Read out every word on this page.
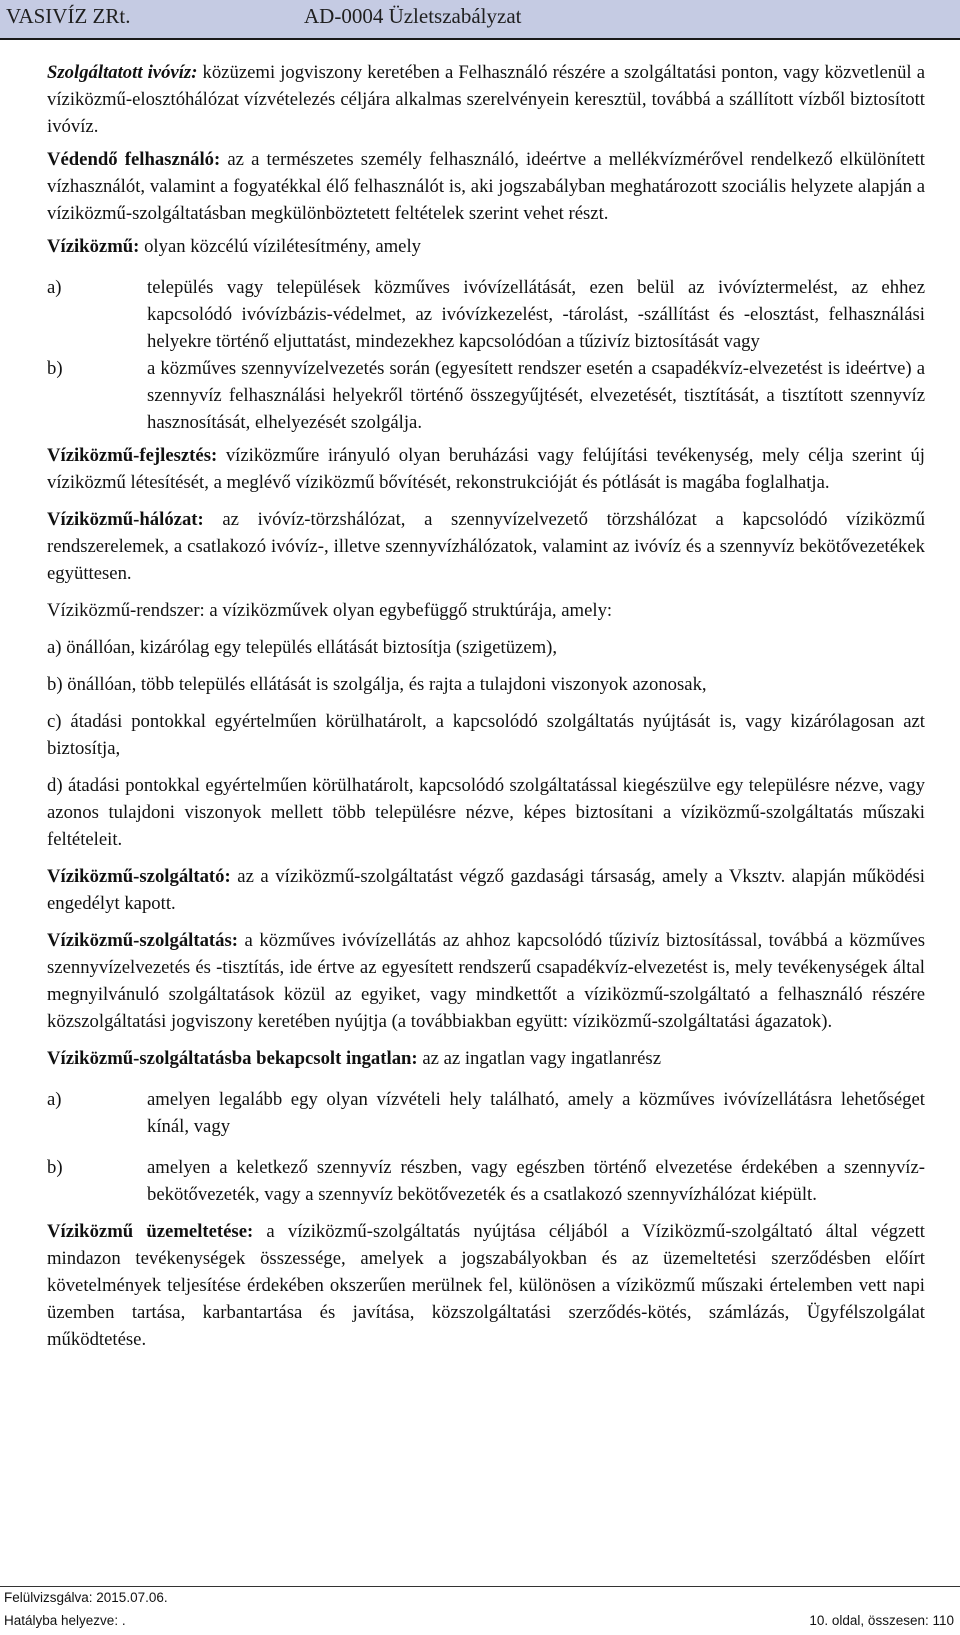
VASIVÍZ ZRt.	AD-0004 Üzletszabályzat

Szolgáltatott ivóvíz: közüzemi jogviszony keretében a Felhasználó részére a szolgáltatási ponton, vagy közvetlenül a víziközmű-elosztóhálózat vízvételezés céljára alkalmas szerelvényein keresztül, továbbá a szállított vízből biztosított ivóvíz.

Védendő felhasználó: az a természetes személy felhasználó, ideértve a mellékvízmérővel rendelkező elkülönített vízhasználót, valamint a fogyatékkal élő felhasználót is, aki jogszabályban meghatározott szociális helyzete alapján a víziközmű-szolgáltatásban megkülönböztetett feltételek szerint vehet részt.

Víziközmű: olyan közcélú vízilétesítmény, amely

a)	település vagy települések közműves ivóvízellátását, ezen belül az ivóvíztermelést, az ehhez kapcsolódó ivóvízbázis-védelmet, az ivóvízkezelést, -tárolást, -szállítást és -elosztást, felhasználási helyekre történő eljuttatást, mindezekhez kapcsolódóan a tűzivíz biztosítását vagy
b)	a közműves szennyvízelvezetés során (egyesített rendszer esetén a csapadékvíz-elvezetést is ideértve) a szennyvíz felhasználási helyekről történő összegyűjtését, elvezetését, tisztítását, a tisztított szennyvíz hasznosítását, elhelyezését szolgálja.

Víziközmű-fejlesztés: víziközműre irányuló olyan beruházási vagy felújítási tevékenység, mely célja szerint új víziközmű létesítését, a meglévő víziközmű bővítését, rekonstrukcióját és pótlását is magába foglalhatja.

Víziközmű-hálózat: az ivóvíz-törzshálózat, a szennyvízelvezető törzshálózat a kapcsolódó víziközmű rendszerelemek, a csatlakozó ivóvíz-, illetve szennyvízhálózatok, valamint az ivóvíz és a szennyvíz bekötővezetékek együttesen.

Víziközmű-rendszer: a víziközművek olyan egybefüggő struktúrája, amely:

a) önállóan, kizárólag egy település ellátását biztosítja (szigetüzem),

b) önállóan, több település ellátását is szolgálja, és rajta a tulajdoni viszonyok azonosak,

c) átadási pontokkal egyértelműen körülhatárolt, a kapcsolódó szolgáltatás nyújtását is, vagy kizárólagosan azt biztosítja,

d) átadási pontokkal egyértelműen körülhatárolt, kapcsolódó szolgáltatással kiegészülve egy településre nézve, vagy azonos tulajdoni viszonyok mellett több településre nézve, képes biztosítani a víziközmű-szolgáltatás műszaki feltételeit.

Víziközmű-szolgáltató: az a víziközmű-szolgáltatást végző gazdasági társaság, amely a Vksztv. alapján működési engedélyt kapott.

Víziközmű-szolgáltatás: a közműves ivóvízellátás az ahhoz kapcsolódó tűzivíz biztosítással, továbbá a közműves szennyvízelvezetés és -tisztítás, ide értve az egyesített rendszerű csapadékvíz-elvezetést is, mely tevékenységek által megnyilvánuló szolgáltatások közül az egyiket, vagy mindkettőt a víziközmű-szolgáltató a felhasználó részére közszolgáltatási jogviszony keretében nyújtja (a továbbiakban együtt: víziközmű-szolgáltatási ágazatok).

Víziközmű-szolgáltatásba bekapcsolt ingatlan: az az ingatlan vagy ingatlanrész

a)	amelyen legalább egy olyan vízvételi hely található, amely a közműves ivóvízellátásra lehetőséget kínál, vagy
b)	amelyen a keletkező szennyvíz részben, vagy egészben történő elvezetése érdekében a szennyvíz-bekötővezeték, vagy a szennyvíz bekötővezeték és a csatlakozó szennyvízhálózat kiépült.

Víziközmű üzemeltetése: a víziközmű-szolgáltatás nyújtása céljából a Víziközmű-szolgáltató által végzett mindazon tevékenységek összessége, amelyek a jogszabályokban és az üzemeltetési szerződésben előírt követelmények teljesítése érdekében okszerűen merülnek fel, különösen a víziközmű műszaki értelemben vett napi üzemben tartása, karbantartása és javítása, közszolgáltatási szerződés-kötés, számlázás, Ügyfélszolgálat működtetése.

Felülvizsgálva: 2015.07.06.
Hatályba helyezve: .	10. oldal, összesen: 110
